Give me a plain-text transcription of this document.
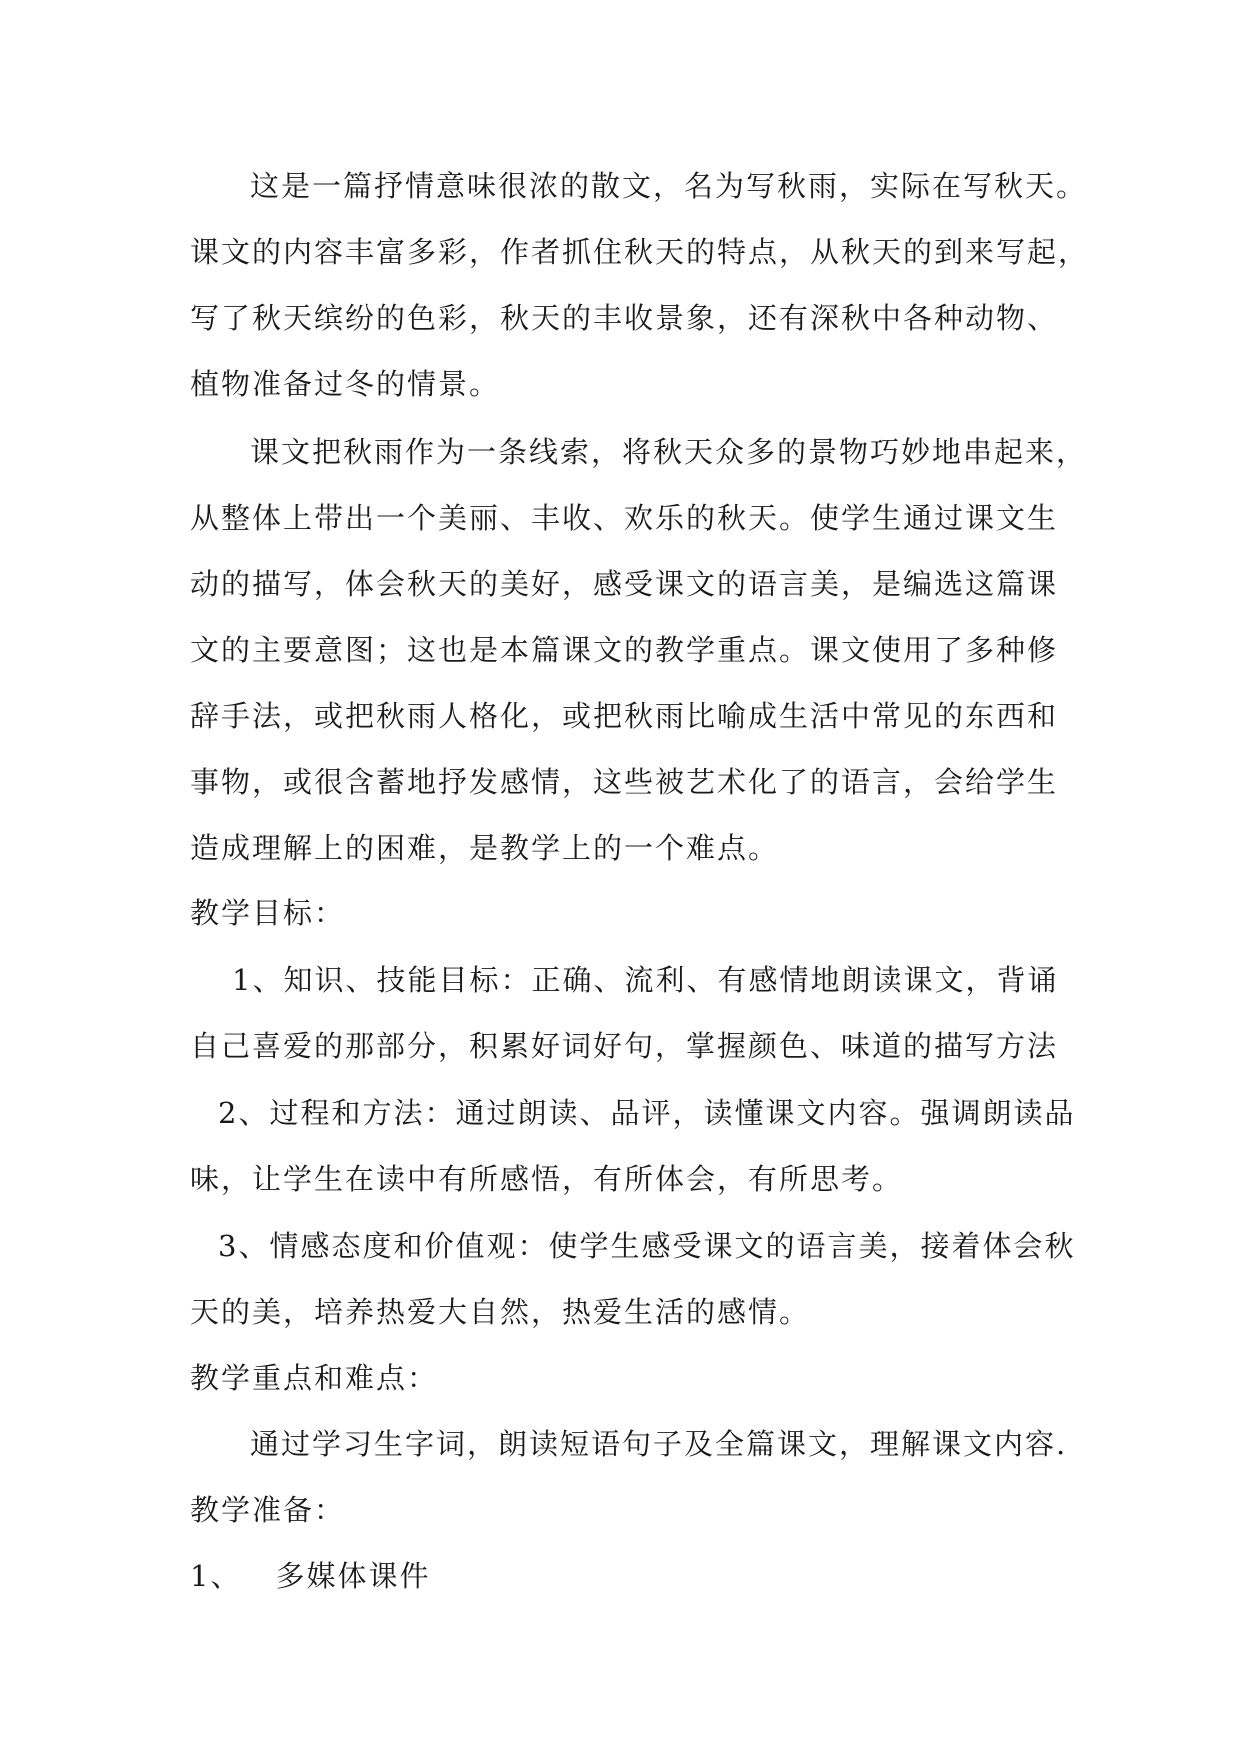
这是一篇抒情意味很浓的散文，名为写秋雨，实际在写秋天。
课文的内容丰富多彩，作者抓住秋天的特点，从秋天的到来写起，
写了秋天缤纷的色彩，秋天的丰收景象，还有深秋中各种动物、
植物准备过冬的情景。
课文把秋雨作为一条线索，将秋天众多的景物巧妙地串起来，
从整体上带出一个美丽、丰收、欢乐的秋天。使学生通过课文生
动的描写，体会秋天的美好，感受课文的语言美，是编选这篇课
文的主要意图；这也是本篇课文的教学重点。课文使用了多种修
辞手法，或把秋雨人格化，或把秋雨比喻成生活中常见的东西和
事物，或很含蓄地抒发感情，这些被艺术化了的语言，会给学生
造成理解上的困难，是教学上的一个难点。
教学目标：
1、知识、技能目标：正确、流利、有感情地朗读课文，背诵
自己喜爱的那部分，积累好词好句，掌握颜色、味道的描写方法
2、过程和方法：通过朗读、品评，读懂课文内容。强调朗读品
味，让学生在读中有所感悟，有所体会，有所思考。
3、情感态度和价值观：使学生感受课文的语言美，接着体会秋
天的美，培养热爱大自然，热爱生活的感情。
教学重点和难点：
通过学习生字词，朗读短语句子及全篇课文，理解课文内容.
教学准备：
1、 多媒体课件
